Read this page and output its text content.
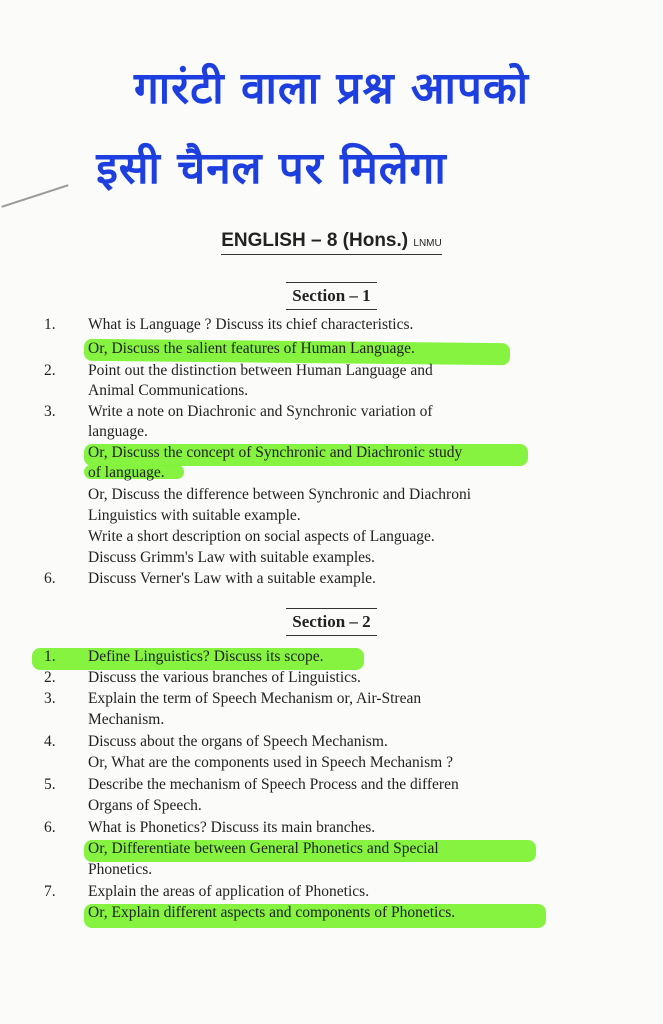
गारंटी वाला प्रश्न आपको
इसी चैनल पर मिलेगा
ENGLISH – 8 (Hons.) LNMU
Section – 1
1. What is Language ? Discuss its chief characteristics.
Or, Discuss the salient features of Human Language.
2. Point out the distinction between Human Language and
Animal Communications.
3. Write a note on Diachronic and Synchronic variation of
language.
Or, Discuss the concept of Synchronic and Diachronic study
of language.
Or, Discuss the difference between Synchronic and Diachroni
Linguistics with suitable example.
Write a short description on social aspects of Language.
Discuss Grimm's Law with suitable examples.
6. Discuss Verner's Law with a suitable example.
Section – 2
1. Define Linguistics? Discuss its scope.
2. Discuss the various branches of Linguistics.
3. Explain the term of Speech Mechanism or, Air-Strean
Mechanism.
4. Discuss about the organs of Speech Mechanism.
Or, What are the components used in Speech Mechanism ?
5. Describe the mechanism of Speech Process and the differen
Organs of Speech.
6. What is Phonetics? Discuss its main branches.
Or, Differentiate between General Phonetics and Special
Phonetics.
7. Explain the areas of application of Phonetics.
Or, Explain different aspects and components of Phonetics.
